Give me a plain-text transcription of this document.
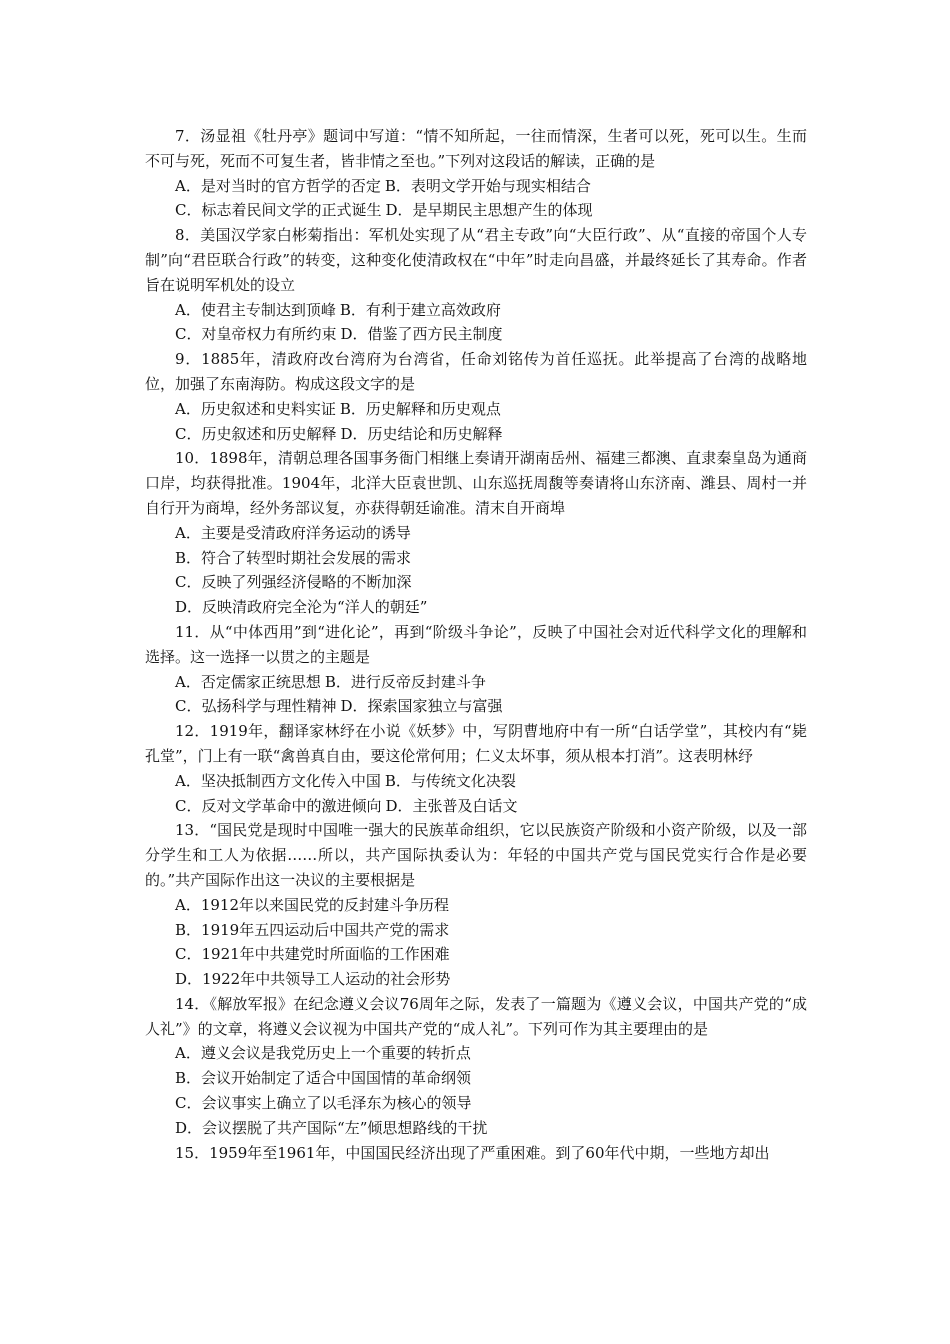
7．汤显祖《牡丹亭》题词中写道：“情不知所起，一往而情深，生者可以死，死可以生。生而不可与死，死而不可复生者，皆非情之至也。”下列对这段话的解读，正确的是

A．是对当时的官方哲学的否定 B．表明文学开始与现实相结合
C．标志着民间文学的正式诞生 D．是早期民主思想产生的体现

8．美国汉学家白彬菊指出：军机处实现了从“君主专政”向“大臣行政”、从“直接的帝国个人专制”向“君臣联合行政”的转变，这种变化使清政权在“中年”时走向昌盛，并最终延长了其寿命。作者旨在说明军机处的设立

A．使君主专制达到顶峰 B．有利于建立高效政府
C．对皇帝权力有所约束 D．借鉴了西方民主制度

9．1885年，清政府改台湾府为台湾省，任命刘铭传为首任巡抚。此举提高了台湾的战略地位，加强了东南海防。构成这段文字的是

A．历史叙述和史料实证 B．历史解释和历史观点
C．历史叙述和历史解释 D．历史结论和历史解释

10．1898年，清朝总理各国事务衙门相继上奏请开湖南岳州、福建三都澳、直隶秦皇岛为通商口岸，均获得批准。1904年，北洋大臣袁世凯、山东巡抚周馥等奏请将山东济南、潍县、周村一并自行开为商埠，经外务部议复，亦获得朝廷谕准。清末自开商埠

A．主要是受清政府洋务运动的诱导
B．符合了转型时期社会发展的需求
C．反映了列强经济侵略的不断加深
D．反映清政府完全沦为“洋人的朝廷”

11．从“中体西用”到“进化论”，再到“阶级斗争论”，反映了中国社会对近代科学文化的理解和选择。这一选择一以贯之的主题是

A．否定儒家正统思想 B．进行反帝反封建斗争
C．弘扬科学与理性精神 D．探索国家独立与富强

12．1919年，翻译家林纾在小说《妖梦》中，写阴曹地府中有一所“白话学堂”，其校内有“毙孔堂”，门上有一联“禽兽真自由，要这伦常何用；仁义太坏事，须从根本打消”。这表明林纾

A．坚决抵制西方文化传入中国 B．与传统文化决裂
C．反对文学革命中的激进倾向 D．主张普及白话文

13．“国民党是现时中国唯一强大的民族革命组织，它以民族资产阶级和小资产阶级，以及一部分学生和工人为依据……所以，共产国际执委认为：年轻的中国共产党与国民党实行合作是必要的。”共产国际作出这一决议的主要根据是

A．1912年以来国民党的反封建斗争历程
B．1919年五四运动后中国共产党的需求
C．1921年中共建党时所面临的工作困难
D．1922年中共领导工人运动的社会形势

14．《解放军报》在纪念遵义会议76周年之际，发表了一篇题为《遵义会议，中国共产党的“成人礼”》的文章，将遵义会议视为中国共产党的“成人礼”。下列可作为其主要理由的是

A．遵义会议是我党历史上一个重要的转折点
B．会议开始制定了适合中国国情的革命纲领
C．会议事实上确立了以毛泽东为核心的领导
D．会议摆脱了共产国际“左”倾思想路线的干扰

15．1959年至1961年，中国国民经济出现了严重困难。到了60年代中期，一些地方却出
